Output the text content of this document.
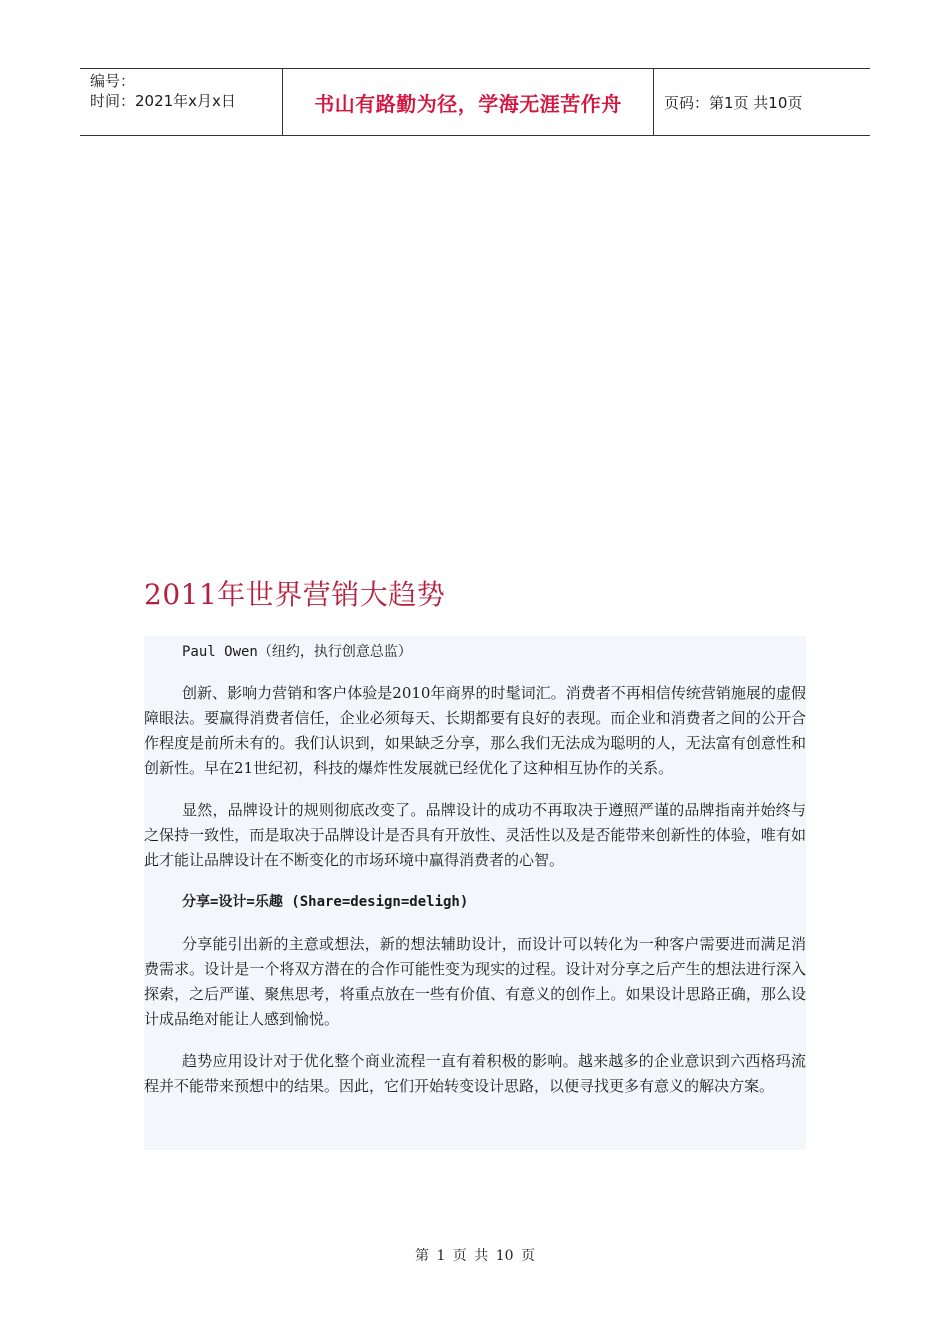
编号：
时间：2021年x月x日	书山有路勤为径，学海无涯苦作舟	页码：第1页 共10页
2011年世界营销大趋势

Paul Owen（纽约，执行创意总监）

创新、影响力营销和客户体验是2010年商界的时髦词汇。消费者不再相信传统营销施展的虚假障眼法。要赢得消费者信任，企业必须每天、长期都要有良好的表现。而企业和消费者之间的公开合作程度是前所未有的。我们认识到，如果缺乏分享，那么我们无法成为聪明的人，无法富有创意性和创新性。早在21世纪初，科技的爆炸性发展就已经优化了这种相互协作的关系。

显然，品牌设计的规则彻底改变了。品牌设计的成功不再取决于遵照严谨的品牌指南并始终与之保持一致性，而是取决于品牌设计是否具有开放性、灵活性以及是否能带来创新性的体验，唯有如此才能让品牌设计在不断变化的市场环境中赢得消费者的心智。

分享=设计=乐趣 (Share=design=deligh)

分享能引出新的主意或想法，新的想法辅助设计，而设计可以转化为一种客户需要进而满足消费需求。设计是一个将双方潜在的合作可能性变为现实的过程。设计对分享之后产生的想法进行深入探索，之后严谨、聚焦思考，将重点放在一些有价值、有意义的创作上。如果设计思路正确，那么设计成品绝对能让人感到愉悦。

趋势应用设计对于优化整个商业流程一直有着积极的影响。越来越多的企业意识到六西格玛流程并不能带来预想中的结果。因此，它们开始转变设计思路，以便寻找更多有意义的解决方案。

第 1 页 共 10 页
